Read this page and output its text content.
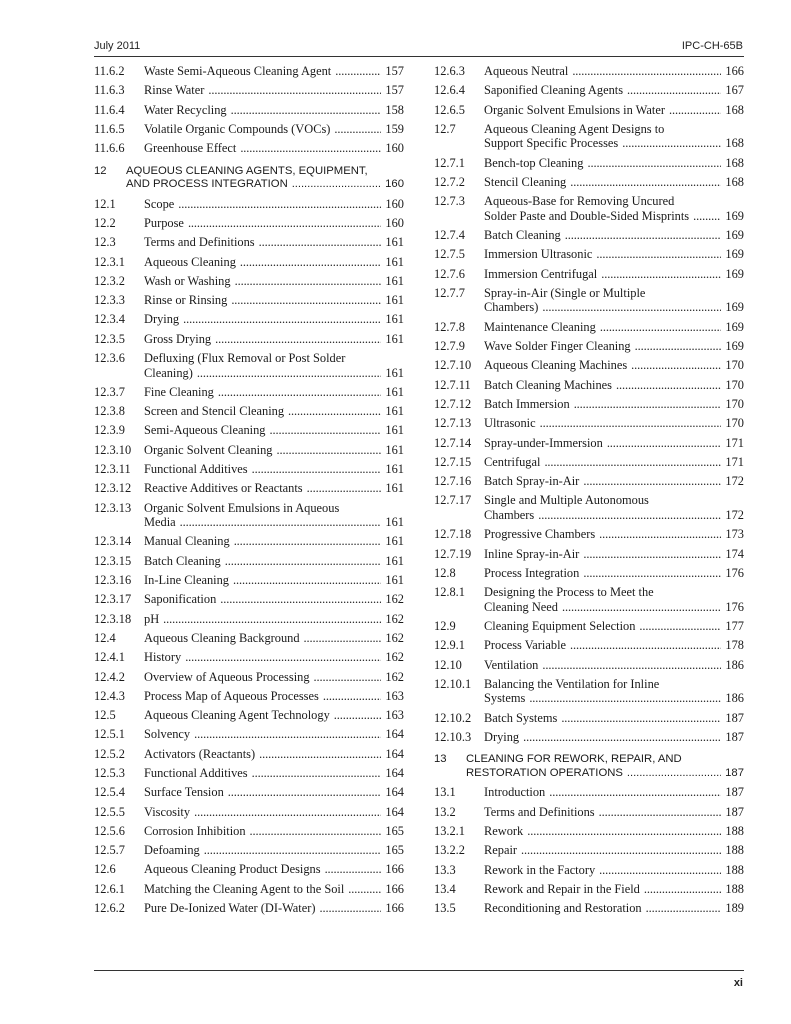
July 2011	IPC-CH-65B
11.6.2 Waste Semi-Aqueous Cleaning Agent . . .	157
11.6.3 Rinse Water . . .	157
11.6.4 Water Recycling . . .	158
11.6.5 Volatile Organic Compounds (VOCs) . . .	159
11.6.6 Greenhouse Effect . . .	160
12 AQUEOUS CLEANING AGENTS, EQUIPMENT,
AND PROCESS INTEGRATION . . .	160
12.1 Scope . . .	160
12.2 Purpose . . .	160
12.3 Terms and Definitions . . .	161
12.3.1 Aqueous Cleaning . . .	161
12.3.2 Wash or Washing . . .	161
12.3.3 Rinse or Rinsing . . .	161
12.3.4 Drying . . .	161
12.3.5 Gross Drying . . .	161
12.3.6 Defluxing (Flux Removal or Post Solder
Cleaning) . . .	161
12.3.7 Fine Cleaning . . .	161
12.3.8 Screen and Stencil Cleaning . . .	161
12.3.9 Semi-Aqueous Cleaning . . .	161
12.3.10 Organic Solvent Cleaning . . .	161
12.3.11 Functional Additives . . .	161
12.3.12 Reactive Additives or Reactants . . .	161
12.3.13 Organic Solvent Emulsions in Aqueous
Media . . .	161
12.3.14 Manual Cleaning . . .	161
12.3.15 Batch Cleaning . . .	161
12.3.16 In-Line Cleaning . . .	161
12.3.17 Saponification . . .	162
12.3.18 pH . . .	162
12.4 Aqueous Cleaning Background . . .	162
12.4.1 History . . .	162
12.4.2 Overview of Aqueous Processing . . .	162
12.4.3 Process Map of Aqueous Processes . . .	163
12.5 Aqueous Cleaning Agent Technology . . .	163
12.5.1 Solvency . . .	164
12.5.2 Activators (Reactants) . . .	164
12.5.3 Functional Additives . . .	164
12.5.4 Surface Tension . . .	164
12.5.5 Viscosity . . .	164
12.5.6 Corrosion Inhibition . . .	165
12.5.7 Defoaming . . .	165
12.6 Aqueous Cleaning Product Designs . . .	166
12.6.1 Matching the Cleaning Agent to the Soil . . .	166
12.6.2 Pure De-Ionized Water (DI-Water) . . .	166
12.6.3 Aqueous Neutral . . .	166
12.6.4 Saponified Cleaning Agents . . .	167
12.6.5 Organic Solvent Emulsions in Water . . .	168
12.7 Aqueous Cleaning Agent Designs to
Support Specific Processes . . .	168
12.7.1 Bench-top Cleaning . . .	168
12.7.2 Stencil Cleaning . . .	168
12.7.3 Aqueous-Base for Removing Uncured
Solder Paste and Double-Sided Misprints . . .	169
12.7.4 Batch Cleaning . . .	169
12.7.5 Immersion Ultrasonic . . .	169
12.7.6 Immersion Centrifugal . . .	169
12.7.7 Spray-in-Air (Single or Multiple
Chambers) . . .	169
12.7.8 Maintenance Cleaning . . .	169
12.7.9 Wave Solder Finger Cleaning . . .	169
12.7.10 Aqueous Cleaning Machines . . .	170
12.7.11 Batch Cleaning Machines . . .	170
12.7.12 Batch Immersion . . .	170
12.7.13 Ultrasonic . . .	170
12.7.14 Spray-under-Immersion . . .	171
12.7.15 Centrifugal . . .	171
12.7.16 Batch Spray-in-Air . . .	172
12.7.17 Single and Multiple Autonomous
Chambers . . .	172
12.7.18 Progressive Chambers . . .	173
12.7.19 Inline Spray-in-Air . . .	174
12.8 Process Integration . . .	176
12.8.1 Designing the Process to Meet the
Cleaning Need . . .	176
12.9 Cleaning Equipment Selection . . .	177
12.9.1 Process Variable . . .	178
12.10 Ventilation . . .	186
12.10.1 Balancing the Ventilation for Inline
Systems . . .	186
12.10.2 Batch Systems . . .	187
12.10.3 Drying . . .	187
13 CLEANING FOR REWORK, REPAIR, AND
RESTORATION OPERATIONS . . .	187
13.1 Introduction . . .	187
13.2 Terms and Definitions . . .	187
13.2.1 Rework . . .	188
13.2.2 Repair . . .	188
13.3 Rework in the Factory . . .	188
13.4 Rework and Repair in the Field . . .	188
13.5 Reconditioning and Restoration . . .	189
xi
